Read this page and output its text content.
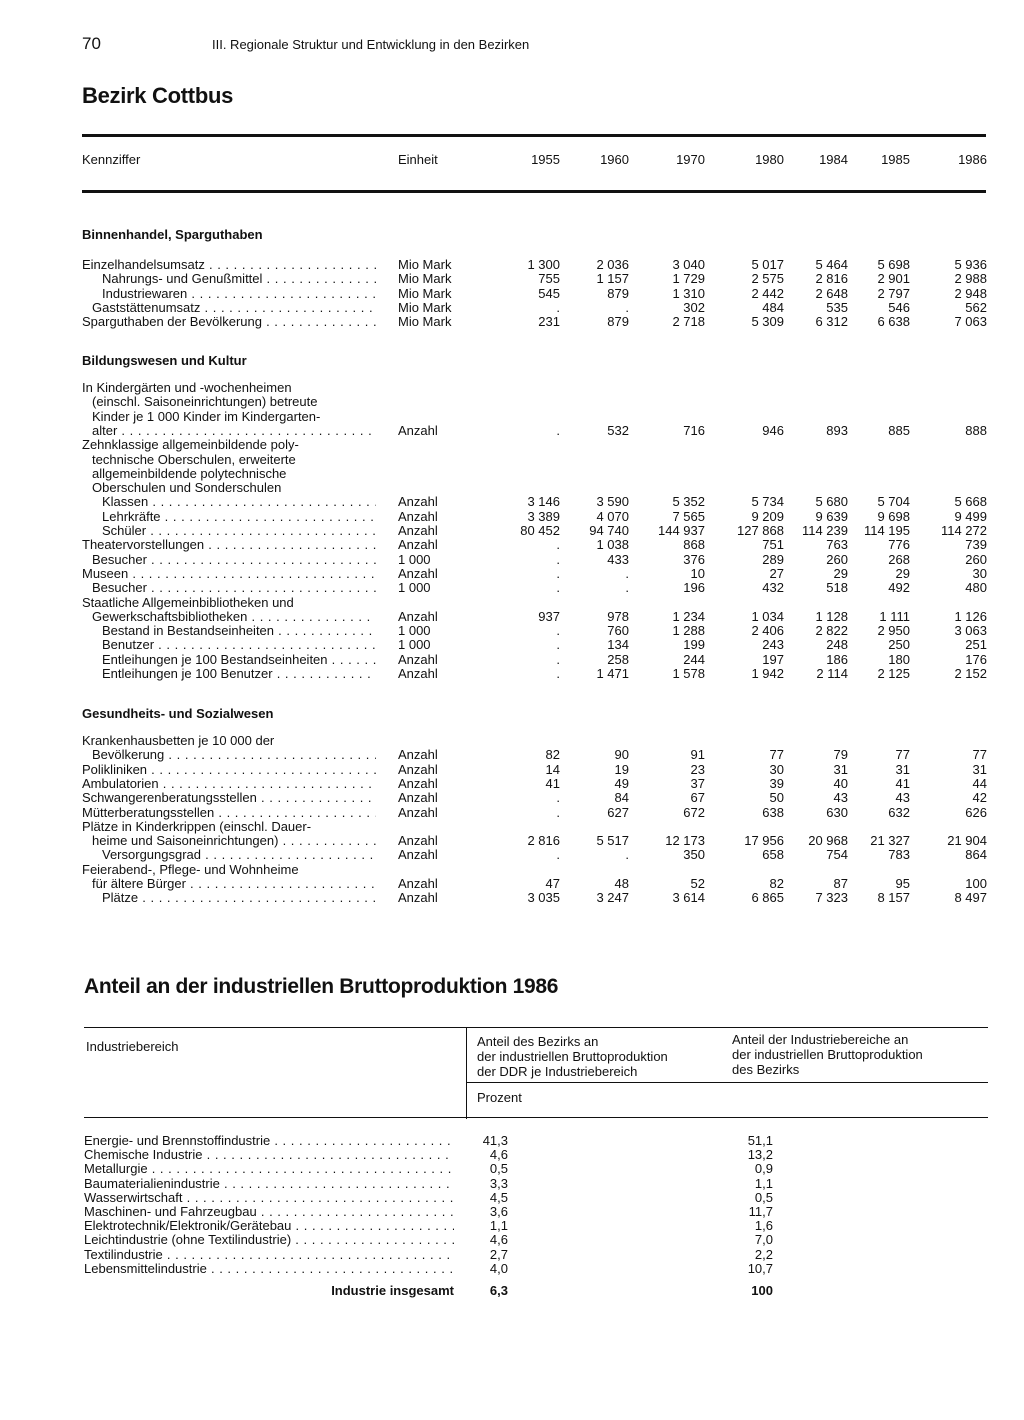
70	III. Regionale Struktur und Entwicklung in den Bezirken
Bezirk Cottbus
Kennziffer	Einheit	1955	1960	1970	1980	1984	1985	1986
Binnenhandel, Sparguthaben
Einzelhandelsumsatz . . .	Mio Mark	1 300	2 036	3 040	5 017	5 464	5 698	5 936
Nahrungs- und Genußmittel . . .	Mio Mark	755	1 157	1 729	2 575	2 816	2 901	2 988
Industriewaren . . .	Mio Mark	545	879	1 310	2 442	2 648	2 797	2 948
Gaststättenumsatz . . .	Mio Mark	.	.	302	484	535	546	562
Sparguthaben der Bevölkerung . . .	Mio Mark	231	879	2 718	5 309	6 312	6 638	7 063
Bildungswesen und Kultur
In Kindergärten und -wochenheimen
(einschl. Saisoneinrichtungen) betreute
Kinder je 1 000 Kinder im Kindergarten-
alter . . .	Anzahl	.	532	716	946	893	885	888
Zehnklassige allgemeinbildende poly-
technische Oberschulen, erweiterte
allgemeinbildende polytechnische
Oberschulen und Sonderschulen
Klassen . . .	Anzahl	3 146	3 590	5 352	5 734	5 680	5 704	5 668
Lehrkräfte . . .	Anzahl	3 389	4 070	7 565	9 209	9 639	9 698	9 499
Schüler . . .	Anzahl	80 452	94 740	144 937	127 868	114 239	114 195	114 272
Theatervorstellungen . . .	Anzahl	.	1 038	868	751	763	776	739
Besucher . . .	1 000	.	433	376	289	260	268	260
Museen . . .	Anzahl	.	.	10	27	29	29	30
Besucher . . .	1 000	.	.	196	432	518	492	480
Staatliche Allgemeinbibliotheken und
Gewerkschaftsbibliotheken . . .	Anzahl	937	978	1 234	1 034	1 128	1 111	1 126
Bestand in Bestandseinheiten . . .	1 000	.	760	1 288	2 406	2 822	2 950	3 063
Benutzer . . .	1 000	.	134	199	243	248	250	251
Entleihungen je 100 Bestandseinheiten . . .	Anzahl	.	258	244	197	186	180	176
Entleihungen je 100 Benutzer . . .	Anzahl	.	1 471	1 578	1 942	2 114	2 125	2 152
Gesundheits- und Sozialwesen
Krankenhausbetten je 10 000 der
Bevölkerung . . .	Anzahl	82	90	91	77	79	77	77
Polikliniken . . .	Anzahl	14	19	23	30	31	31	31
Ambulatorien . . .	Anzahl	41	49	37	39	40	41	44
Schwangerenberatungsstellen . . .	Anzahl	.	84	67	50	43	43	42
Mütterberatungsstellen . . .	Anzahl	.	627	672	638	630	632	626
Plätze in Kinderkrippen (einschl. Dauer-
heime und Saisoneinrichtungen) . . .	Anzahl	2 816	5 517	12 173	17 956	20 968	21 327	21 904
Versorgungsgrad . . .	Anzahl	.	.	350	658	754	783	864
Feierabend-, Pflege- und Wohnheime
für ältere Bürger . . .	Anzahl	47	48	52	82	87	95	100
Plätze . . .	Anzahl	3 035	3 247	3 614	6 865	7 323	8 157	8 497
Anteil an der industriellen Bruttoproduktion 1986
Industriebereich	Anteil des Bezirks an
der industriellen Bruttoproduktion
der DDR je Industriebereich
Anteil der Industriebereiche an
der industriellen Bruttoproduktion
des Bezirks
Prozent
Energie- und Brennstoffindustrie . . .	41,3	51,1
Chemische Industrie . . .	4,6	13,2
Metallurgie . . .	0,5	0,9
Baumaterialienindustrie . . .	3,3	1,1
Wasserwirtschaft . . .	4,5	0,5
Maschinen- und Fahrzeugbau . . .	3,6	11,7
Elektrotechnik/Elektronik/Gerätebau . . .	1,1	1,6
Leichtindustrie (ohne Textilindustrie) . . .	4,6	7,0
Textilindustrie . . .	2,7	2,2
Lebensmittelindustrie . . .	4,0	10,7
Industrie insgesamt	6,3	100
